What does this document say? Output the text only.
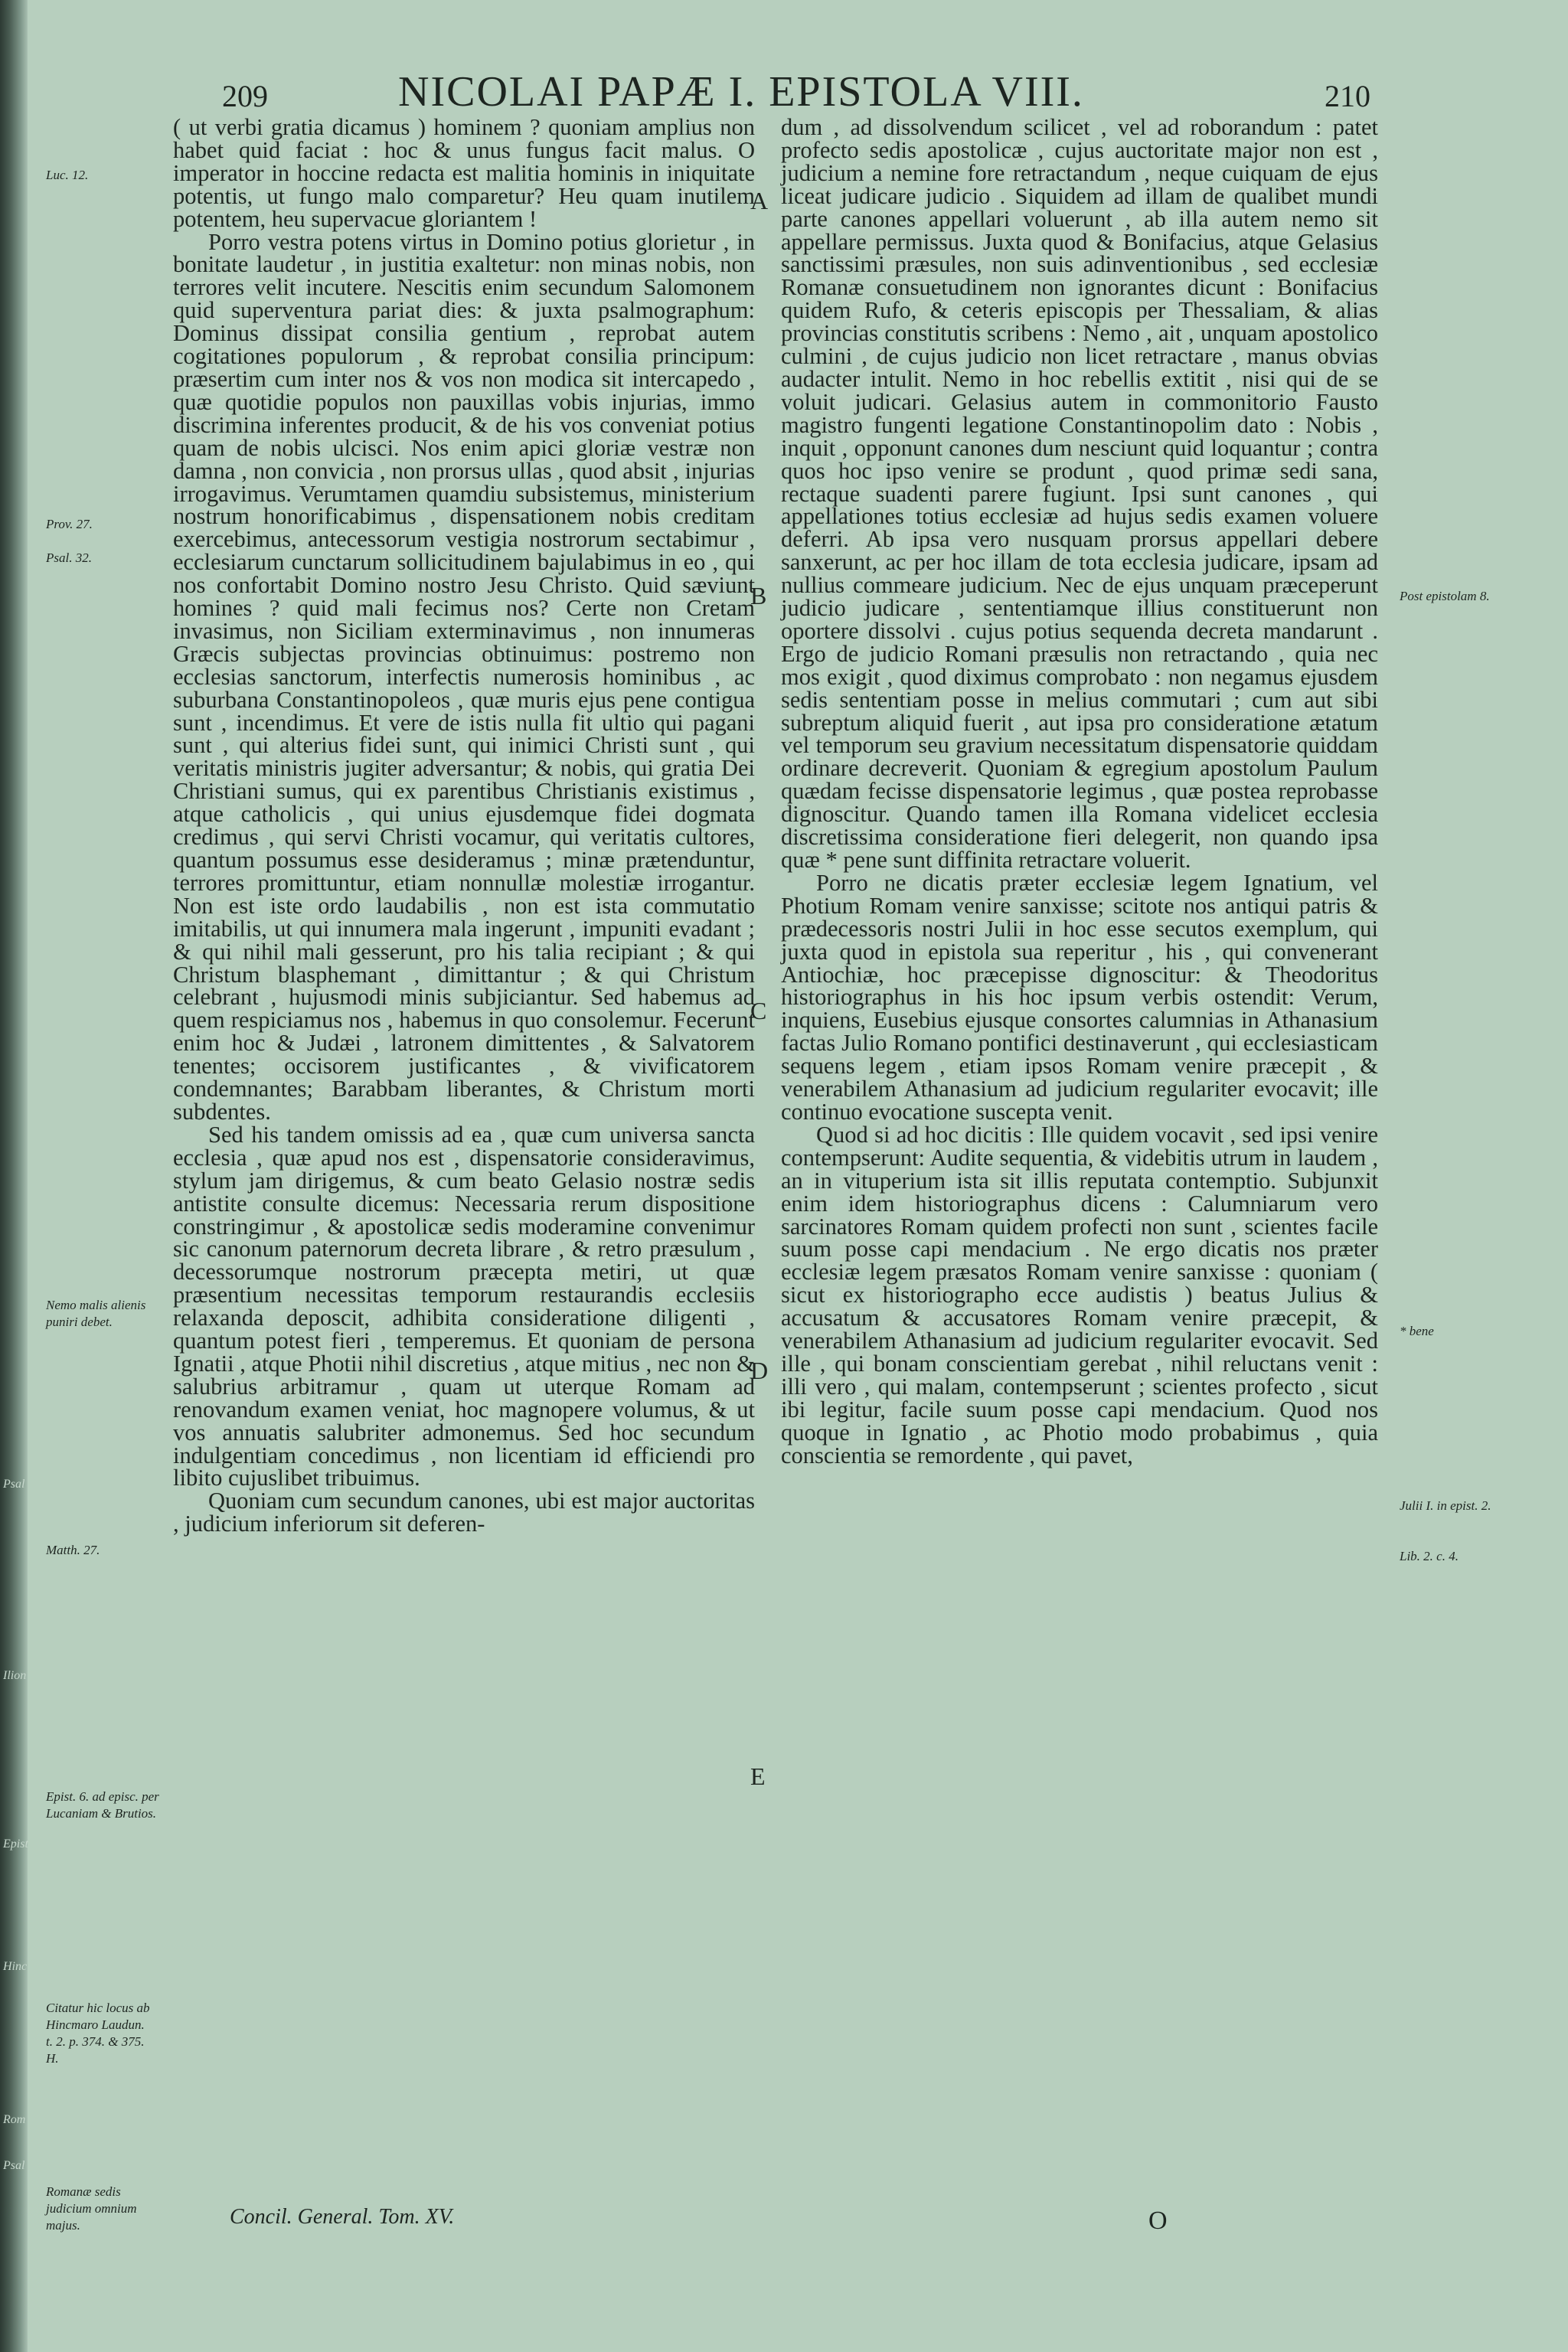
Psal
Ilion
Epist
Hinc
Rom
Psal
209	NICOLAI PAPÆ I. EPISTOLA VIII.	210
Luc. 12.
Prov. 27.
Psal. 32.
Nemo malis alienis puniri debet.
Matth. 27.
Epist. 6. ad episc. per Lucaniam & Brutios.
Citatur hic locus ab Hincmaro Laudun. t. 2. p. 374. & 375. H.
Romanæ sedis judicium omnium majus.

( ut verbi gratia dicamus ) hominem ? quoniam amplius non habet quid faciat : hoc & unus fungus facit malus. O imperator in hoccine redacta est malitia hominis in iniquitate potentis, ut fungo malo comparetur? Heu quam inutilem potentem, heu supervacue gloriantem !

Porro vestra potens virtus in Domino potius glorietur , in bonitate laudetur , in justitia exaltetur: non minas nobis, non terrores velit incutere. Nescitis enim secundum Salomonem quid superventura pariat dies: & juxta psalmographum: Dominus dissipat consilia gentium , reprobat autem cogitationes populorum , & reprobat consilia principum: præsertim cum inter nos & vos non modica sit intercapedo , quæ quotidie populos non pauxillas vobis injurias, immo discrimina inferentes producit, & de his vos conveniat potius quam de nobis ulcisci. Nos enim apici gloriæ vestræ non damna , non convicia , non prorsus ullas , quod absit , injurias irrogavimus. Verumtamen quamdiu subsistemus, ministerium nostrum honorificabimus , dispensationem nobis creditam exercebimus, antecessorum vestigia nostrorum sectabimur , ecclesiarum cunctarum sollicitudinem bajulabimus in eo , qui nos confortabit Domino nostro Jesu Christo. Quid sæviunt homines ? quid mali fecimus nos? Certe non Cretam invasimus, non Siciliam exterminavimus , non innumeras Græcis subjectas provincias obtinuimus: postremo non ecclesias sanctorum, interfectis numerosis hominibus , ac suburbana Constantinopoleos , quæ muris ejus pene contigua sunt , incendimus. Et vere de istis nulla fit ultio qui pagani sunt , qui alterius fidei sunt, qui inimici Christi sunt , qui veritatis ministris jugiter adversantur; & nobis, qui gratia Dei Christiani sumus, qui ex parentibus Christianis existimus , atque catholicis , qui unius ejusdemque fidei dogmata credimus , qui servi Christi vocamur, qui veritatis cultores, quantum possumus esse desideramus ; minæ prætenduntur, terrores promittuntur, etiam nonnullæ molestiæ irrogantur. Non est iste ordo laudabilis , non est ista commutatio imitabilis, ut qui innumera mala ingerunt , impuniti evadant ; & qui nihil mali gesserunt, pro his talia recipiant ; & qui Christum blasphemant , dimittantur ; & qui Christum celebrant , hujusmodi minis subjiciantur. Sed habemus ad quem respiciamus nos , habemus in quo consolemur. Fecerunt enim hoc & Judæi , latronem dimittentes , & Salvatorem tenentes; occisorem justificantes , & vivificatorem condemnantes; Barabbam liberantes, & Christum morti subdentes.

Sed his tandem omissis ad ea , quæ cum universa sancta ecclesia , quæ apud nos est , dispensatorie consideravimus, stylum jam dirigemus, & cum beato Gelasio nostræ sedis antistite consulte dicemus: Necessaria rerum dispositione constringimur , & apostolicæ sedis moderamine convenimur sic canonum paternorum decreta librare , & retro præsulum , decessorumque nostrorum præcepta metiri, ut quæ præsentium necessitas temporum restaurandis ecclesiis relaxanda deposcit, adhibita consideratione diligenti , quantum potest fieri , temperemus. Et quoniam de persona Ignatii , atque Photii nihil discretius , atque mitius , nec non & salubrius arbitramur , quam ut uterque Romam ad renovandum examen veniat, hoc magnopere volumus, & ut vos annuatis salubriter admonemus. Sed hoc secundum indulgentiam concedimus , non licentiam id efficiendi pro libito cujuslibet tribuimus.

Quoniam cum secundum canones, ubi est major auctoritas , judicium inferiorum sit deferen-

A
B
C
D
E

dum , ad dissolvendum scilicet , vel ad roborandum : patet profecto sedis apostolicæ , cujus auctoritate major non est , judicium a nemine fore retractandum , neque cuiquam de ejus liceat judicare judicio . Siquidem ad illam de qualibet mundi parte canones appellari voluerunt , ab illa autem nemo sit appellare permissus. Juxta quod & Bonifacius, atque Gelasius sanctissimi præsules, non suis adinventionibus , sed ecclesiæ Romanæ consuetudinem non ignorantes dicunt : Bonifacius quidem Rufo, & ceteris episcopis per Thessaliam, & alias provincias constitutis scribens : Nemo , ait , unquam apostolico culmini , de cujus judicio non licet retractare , manus obvias audacter intulit. Nemo in hoc rebellis extitit , nisi qui de se voluit judicari. Gelasius autem in commonitorio Fausto magistro fungenti legatione Constantinopolim dato : Nobis , inquit , opponunt canones dum nesciunt quid loquantur ; contra quos hoc ipso venire se produnt , quod primæ sedi sana, rectaque suadenti parere fugiunt. Ipsi sunt canones , qui appellationes totius ecclesiæ ad hujus sedis examen voluere deferri. Ab ipsa vero nusquam prorsus appellari debere sanxerunt, ac per hoc illam de tota ecclesia judicare, ipsam ad nullius commeare judicium. Nec de ejus unquam præceperunt judicio judicare , sententiamque illius constituerunt non oportere dissolvi . cujus potius sequenda decreta mandarunt . Ergo de judicio Romani præsulis non retractando , quia nec mos exigit , quod diximus comprobato : non negamus ejusdem sedis sententiam posse in melius commutari ; cum aut sibi subreptum aliquid fuerit , aut ipsa pro consideratione ætatum vel temporum seu gravium necessitatum dispensatorie quiddam ordinare decreverit. Quoniam & egregium apostolum Paulum quædam fecisse dispensatorie legimus , quæ postea reprobasse dignoscitur. Quando tamen illa Romana videlicet ecclesia discretissima consideratione fieri delegerit, non quando ipsa quæ * pene sunt diffinita retractare voluerit.

Porro ne dicatis præter ecclesiæ legem Ignatium, vel Photium Romam venire sanxisse; scitote nos antiqui patris & prædecessoris nostri Julii in hoc esse secutos exemplum, qui juxta quod in epistola sua reperitur , his , qui convenerant Antiochiæ, hoc præcepisse dignoscitur: & Theodoritus historiographus in his hoc ipsum verbis ostendit: Verum, inquiens, Eusebius ejusque consortes calumnias in Athanasium factas Julio Romano pontifici destinaverunt , qui ecclesiasticam sequens legem , etiam ipsos Romam venire præcepit , & venerabilem Athanasium ad judicium regulariter evocavit; ille continuo evocatione suscepta venit.

Quod si ad hoc dicitis : Ille quidem vocavit , sed ipsi venire contempserunt: Audite sequentia, & videbitis utrum in laudem , an in vituperium ista sit illis reputata contemptio. Subjunxit enim idem historiographus dicens : Calumniarum vero sarcinatores Romam quidem profecti non sunt , scientes facile suum posse capi mendacium . Ne ergo dicatis nos præter ecclesiæ legem præsatos Romam venire sanxisse : quoniam ( sicut ex historiographo ecce audistis ) beatus Julius & accusatum & accusatores Romam venire præcepit, & venerabilem Athanasium ad judicium regulariter evocavit. Sed ille , qui bonam conscientiam gerebat , nihil reluctans venit : illi vero , qui malam, contempserunt ; scientes profecto , sicut ibi legitur, facile suum posse capi mendacium. Quod nos quoque in Ignatio , ac Photio modo probabimus , quia conscientia se remordente , qui pavet,

Post epistolam 8.
* bene
Julii I. in epist. 2.
Lib. 2. c. 4.
Concil. General. Tom. XV.	O
